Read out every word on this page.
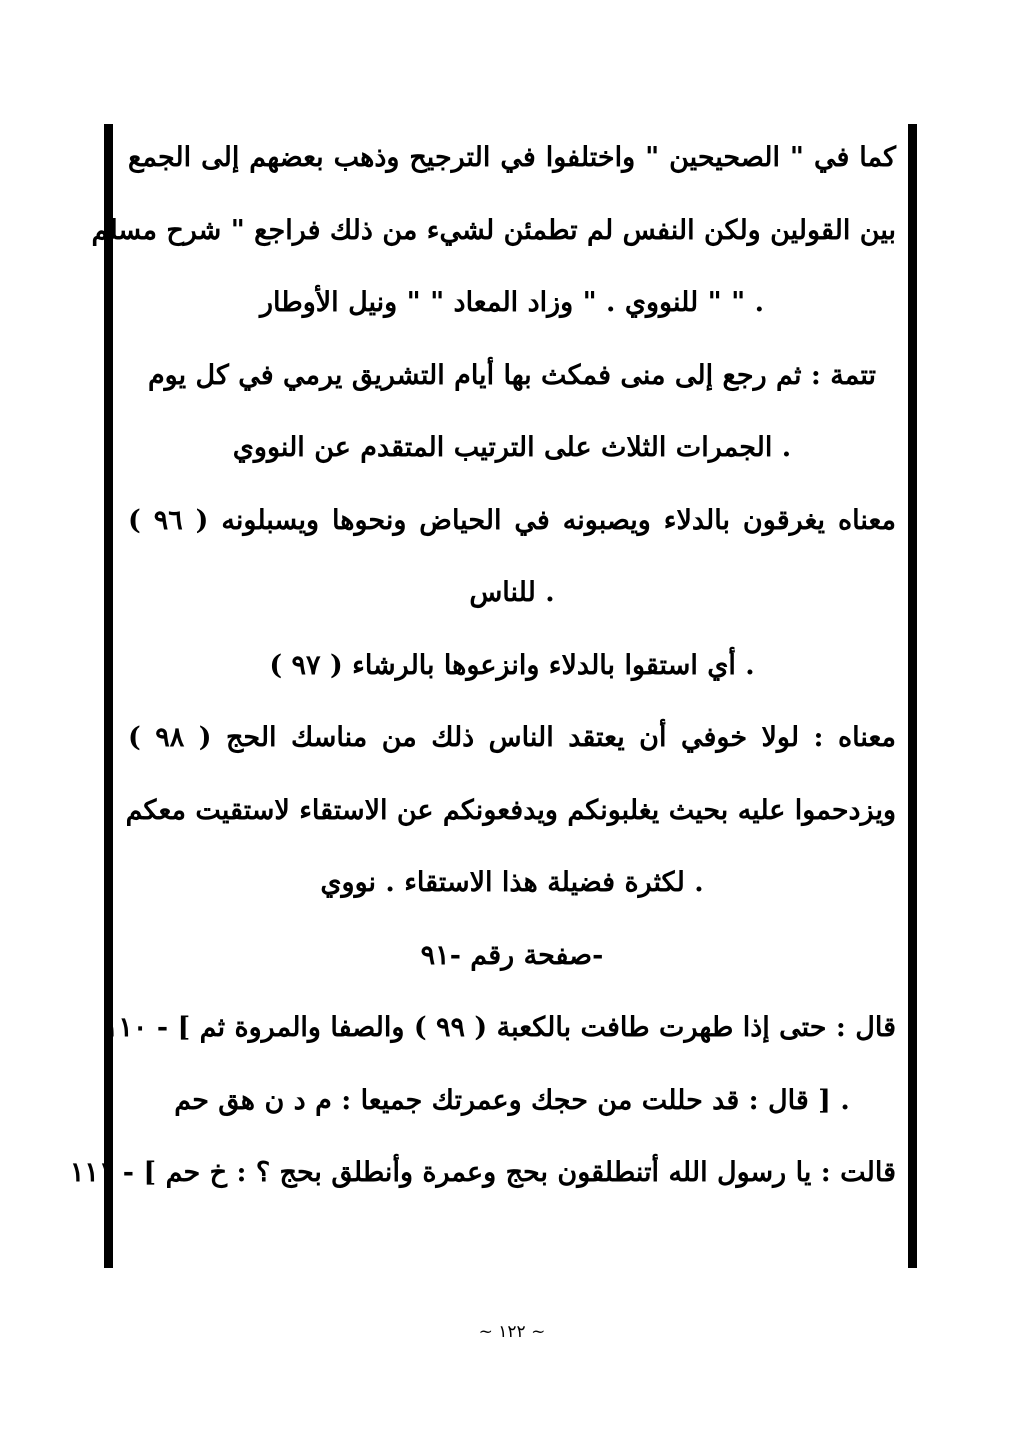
كما في " الصحيحين " واختلفوا في الترجيح وذهب بعضهم إلى الجمع
بين القولين ولكن النفس لم تطمئن لشيء من ذلك فراجع " شرح مسلم
. " " للنووي . " وزاد المعاد " " ونيل الأوطار
تتمة : ثم رجع إلى منى فمكث بها أيام التشريق يرمي في كل يوم
. الجمرات الثلاث على الترتيب المتقدم عن النووي
معناه يغرقون بالدلاء ويصبونه في الحياض ونحوها ويسبلونه ( ٩٦ )
. للناس
. أي استقوا بالدلاء وانزعوها بالرشاء ( ٩٧ )
معناه : لولا خوفي أن يعتقد الناس ذلك من مناسك الحج ( ٩٨ )
ويزدحموا عليه بحيث يغلبونكم ويدفعونكم عن الاستقاء لاستقيت معكم
. لكثرة فضيلة هذا الاستقاء . نووي
-صفحة رقم -٩١
قال : حتى إذا طهرت طافت بالكعبة ( ٩٩ ) والصفا والمروة ثم ] - ١١٠
. [ قال : قد حللت من حجك وعمرتك جميعا : م د ن هق حم
قالت : يا رسول الله أتنطلقون بحج وعمرة وأنطلق بحج ؟ : خ حم ] - ١١١
~ ١٢٢ ~
